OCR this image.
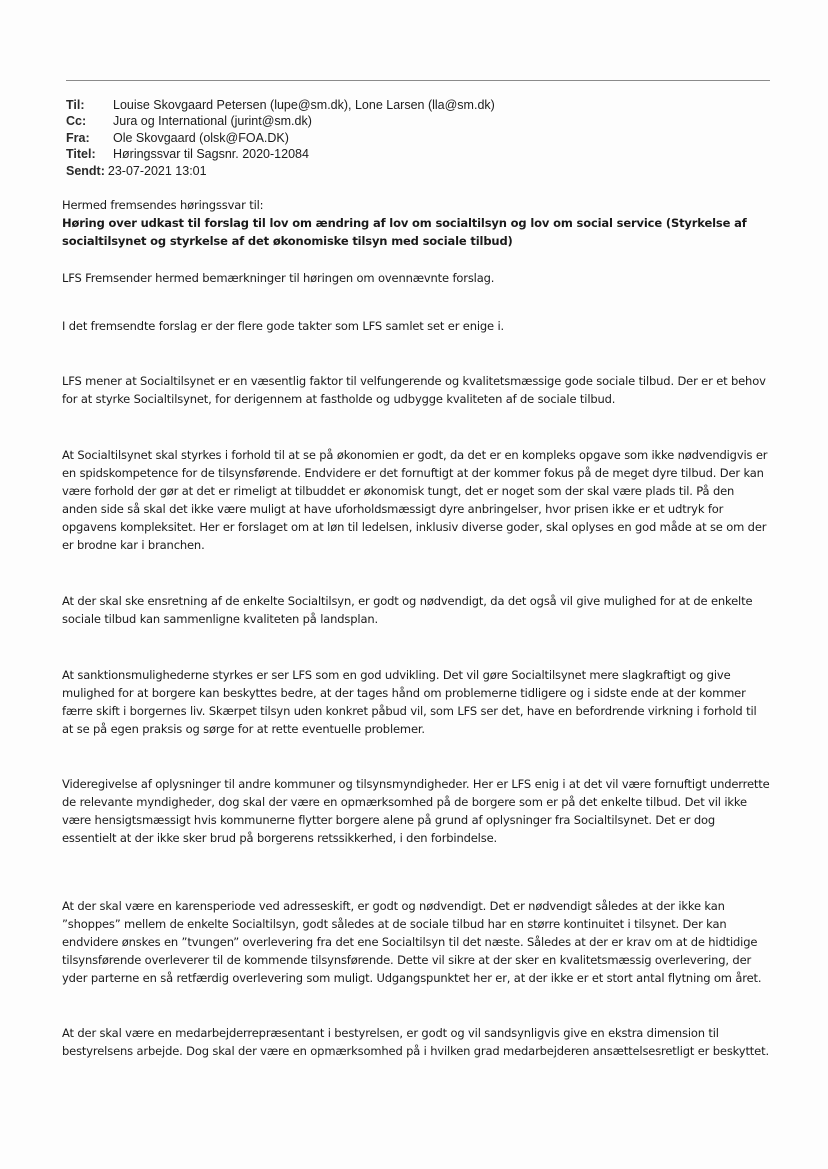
Til:	Louise Skovgaard Petersen (lupe@sm.dk), Lone Larsen (lla@sm.dk)
Cc:	Jura og International (jurint@sm.dk)
Fra:	Ole Skovgaard (olsk@FOA.DK)
Titel:	Høringssvar til Sagsnr. 2020-12084
Sendt: 23-07-2021 13:01

Hermed fremsendes høringssvar til:

Høring over udkast til forslag til lov om ændring af lov om socialtilsyn og lov om social service (Styrkelse af socialtilsynet og styrkelse af det økonomiske tilsyn med sociale tilbud)

LFS Fremsender hermed bemærkninger til høringen om ovennævnte forslag.

I det fremsendte forslag er der flere gode takter som LFS samlet set er enige i.

LFS mener at Socialtilsynet er en væsentlig faktor til velfungerende og kvalitetsmæssige gode sociale tilbud. Der er et behov for at styrke Socialtilsynet, for derigennem at fastholde og udbygge kvaliteten af de sociale tilbud.

At Socialtilsynet skal styrkes i forhold til at se på økonomien er godt, da det er en kompleks opgave som ikke nødvendigvis er en spidskompetence for de tilsynsførende. Endvidere er det fornuftigt at der kommer fokus på de meget dyre tilbud. Der kan være forhold der gør at det er rimeligt at tilbuddet er økonomisk tungt, det er noget som der skal være plads til. På den anden side så skal det ikke være muligt at have uforholdsmæssigt dyre anbringelser, hvor prisen ikke er et udtryk for opgavens kompleksitet. Her er forslaget om at løn til ledelsen, inklusiv diverse goder, skal oplyses en god måde at se om der er brodne kar i branchen.

At der skal ske ensretning af de enkelte Socialtilsyn, er godt og nødvendigt, da det også vil give mulighed for at de enkelte sociale tilbud kan sammenligne kvaliteten på landsplan.

At sanktionsmulighederne styrkes er ser LFS som en god udvikling. Det vil gøre Socialtilsynet mere slagkraftigt og give mulighed for at borgere kan beskyttes bedre, at der tages hånd om problemerne tidligere og i sidste ende at der kommer færre skift i borgernes liv. Skærpet tilsyn uden konkret påbud vil, som LFS ser det, have en befordrende virkning i forhold til at se på egen praksis og sørge for at rette eventuelle problemer.

Videregivelse af oplysninger til andre kommuner og tilsynsmyndigheder. Her er LFS enig i at det vil være fornuftigt underrette de relevante myndigheder, dog skal der være en opmærksomhed på de borgere som er på det enkelte tilbud. Det vil ikke være hensigtsmæssigt hvis kommunerne flytter borgere alene på grund af oplysninger fra Socialtilsynet. Det er dog essentielt at der ikke sker brud på borgerens retssikkerhed, i den forbindelse.

At der skal være en karensperiode ved adresseskift, er godt og nødvendigt. Det er nødvendigt således at der ikke kan ”shoppes” mellem de enkelte Socialtilsyn, godt således at de sociale tilbud har en større kontinuitet i tilsynet. Der kan endvidere ønskes en ”tvungen” overlevering fra det ene Socialtilsyn til det næste. Således at der er krav om at de hidtidige tilsynsførende overleverer til de kommende tilsynsførende. Dette vil sikre at der sker en kvalitetsmæssig overlevering, der yder parterne en så retfærdig overlevering som muligt. Udgangspunktet her er, at der ikke er et stort antal flytning om året.

At der skal være en medarbejderrepræsentant i bestyrelsen, er godt og vil sandsynligvis give en ekstra dimension til bestyrelsens arbejde. Dog skal der være en opmærksomhed på i hvilken grad medarbejderen ansættelsesretligt er beskyttet.
